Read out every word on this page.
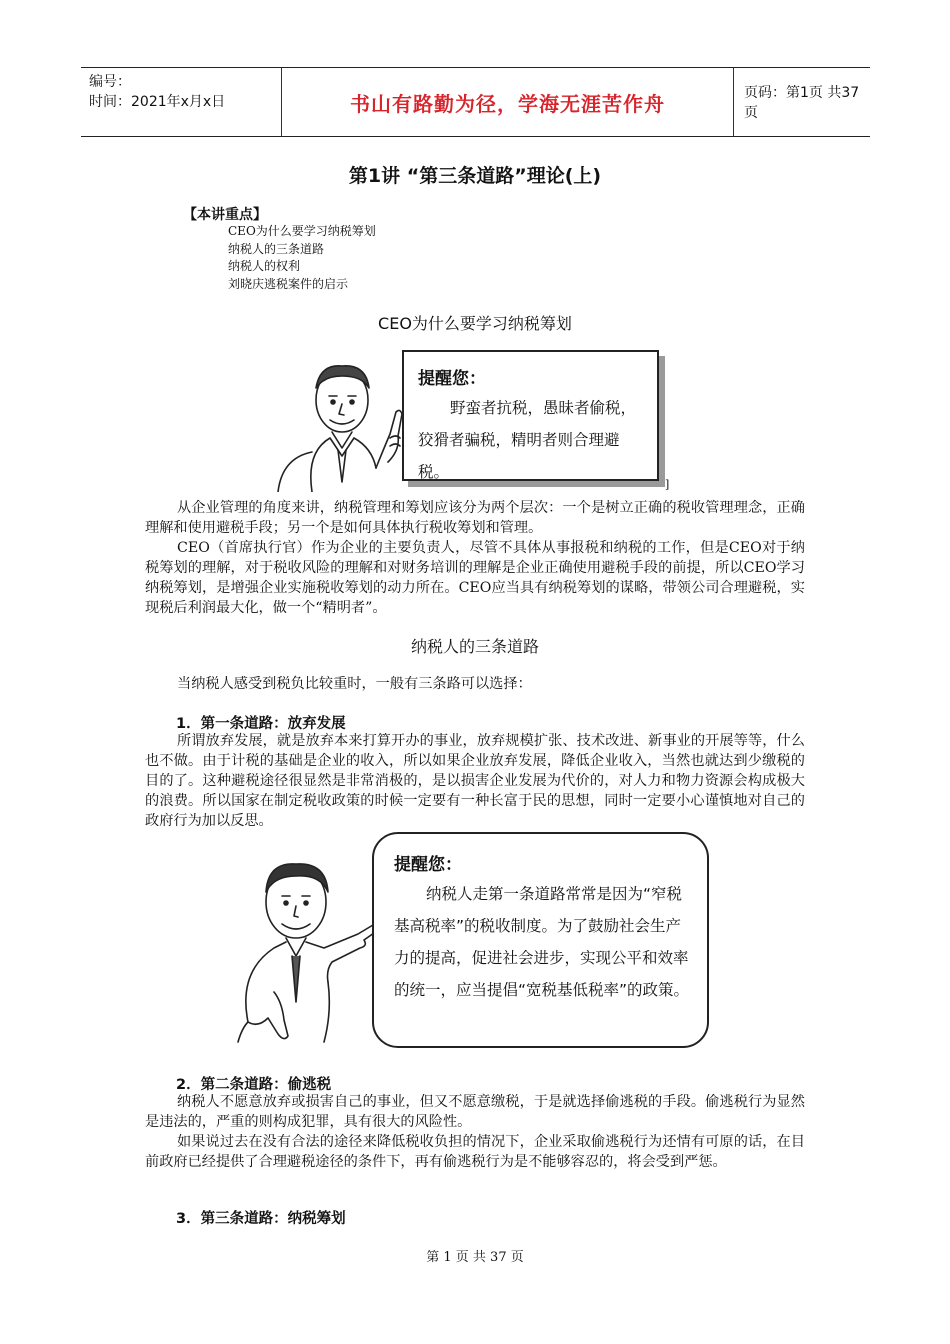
编号：
时间：2021年x月x日	书山有路勤为径，学海无涯苦作舟	页码：第1页 共37页
第1讲 “第三条道路”理论(上)
【本讲重点】
CEO为什么要学习纳税筹划
纳税人的三条道路
纳税人的权利
刘晓庆逃税案件的启示
CEO为什么要学习纳税筹划
提醒您：
野蛮者抗税，愚昧者偷税，狡猾者骗税，精明者则合理避税。
]

从企业管理的角度来讲，纳税管理和筹划应该分为两个层次：一个是树立正确的税收管理理念，正确理解和使用避税手段；另一个是如何具体执行税收筹划和管理。

CEO（首席执行官）作为企业的主要负责人，尽管不具体从事报税和纳税的工作，但是CEO对于纳税筹划的理解，对于税收风险的理解和对财务培训的理解是企业正确使用避税手段的前提，所以CEO学习纳税筹划，是增强企业实施税收筹划的动力所在。CEO应当具有纳税筹划的谋略，带领公司合理避税，实现税后利润最大化，做一个“精明者”。

纳税人的三条道路

当纳税人感受到税负比较重时，一般有三条路可以选择：

1．第一条道路：放弃发展

所谓放弃发展，就是放弃本来打算开办的事业，放弃规模扩张、技术改进、新事业的开展等等，什么也不做。由于计税的基础是企业的收入，所以如果企业放弃发展，降低企业收入，当然也就达到少缴税的目的了。这种避税途径很显然是非常消极的，是以损害企业发展为代价的，对人力和物力资源会构成极大的浪费。所以国家在制定税收政策的时候一定要有一种长富于民的思想，同时一定要小心谨慎地对自己的政府行为加以反思。

提醒您：
纳税人走第一条道路常常是因为“窄税基高税率”的税收制度。为了鼓励社会生产力的提高，促进社会进步，实现公平和效率的统一，应当提倡“宽税基低税率”的政策。
2．第二条道路：偷逃税

纳税人不愿意放弃或损害自己的事业，但又不愿意缴税，于是就选择偷逃税的手段。偷逃税行为显然是违法的，严重的则构成犯罪，具有很大的风险性。

如果说过去在没有合法的途径来降低税收负担的情况下，企业采取偷逃税行为还情有可原的话，在目前政府已经提供了合理避税途径的条件下，再有偷逃税行为是不能够容忍的，将会受到严惩。

3．第三条道路：纳税筹划
第 1 页 共 37 页
